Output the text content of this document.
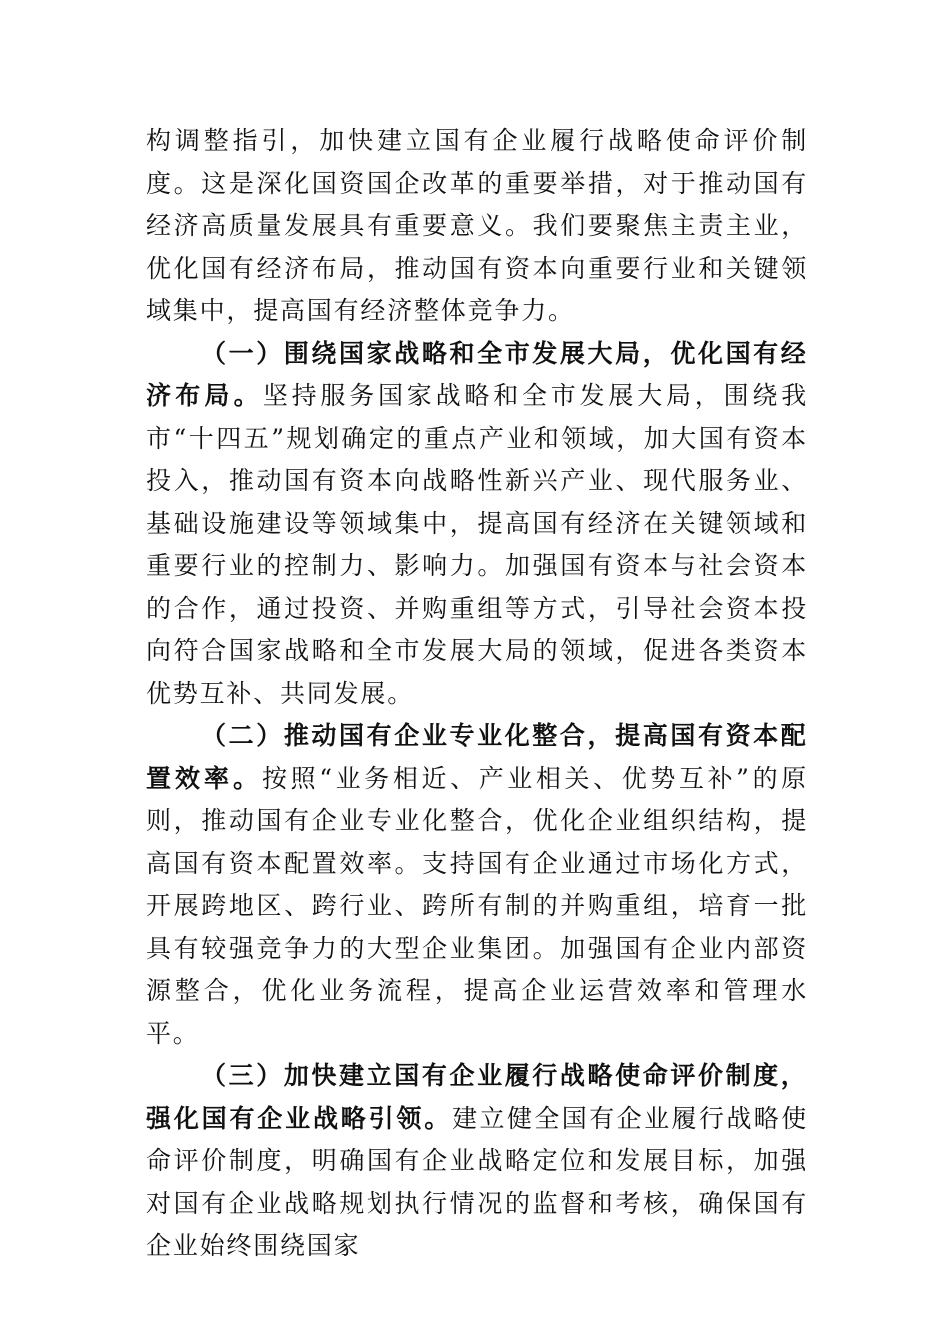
构调整指引，加快建立国有企业履行战略使命评价制度。这是深化国资国企改革的重要举措，对于推动国有经济高质量发展具有重要意义。我们要聚焦主责主业，优化国有经济布局，推动国有资本向重要行业和关键领域集中，提高国有经济整体竞争力。

（一）围绕国家战略和全市发展大局，优化国有经济布局。坚持服务国家战略和全市发展大局，围绕我市“十四五”规划确定的重点产业和领域，加大国有资本投入，推动国有资本向战略性新兴产业、现代服务业、基础设施建设等领域集中，提高国有经济在关键领域和重要行业的控制力、影响力。加强国有资本与社会资本的合作，通过投资、并购重组等方式，引导社会资本投向符合国家战略和全市发展大局的领域，促进各类资本优势互补、共同发展。

（二）推动国有企业专业化整合，提高国有资本配置效率。按照“业务相近、产业相关、优势互补”的原则，推动国有企业专业化整合，优化企业组织结构，提高国有资本配置效率。支持国有企业通过市场化方式，开展跨地区、跨行业、跨所有制的并购重组，培育一批具有较强竞争力的大型企业集团。加强国有企业内部资源整合，优化业务流程，提高企业运营效率和管理水平。

（三）加快建立国有企业履行战略使命评价制度，强化国有企业战略引领。建立健全国有企业履行战略使命评价制度，明确国有企业战略定位和发展目标，加强对国有企业战略规划执行情况的监督和考核，确保国有企业始终围绕国家
